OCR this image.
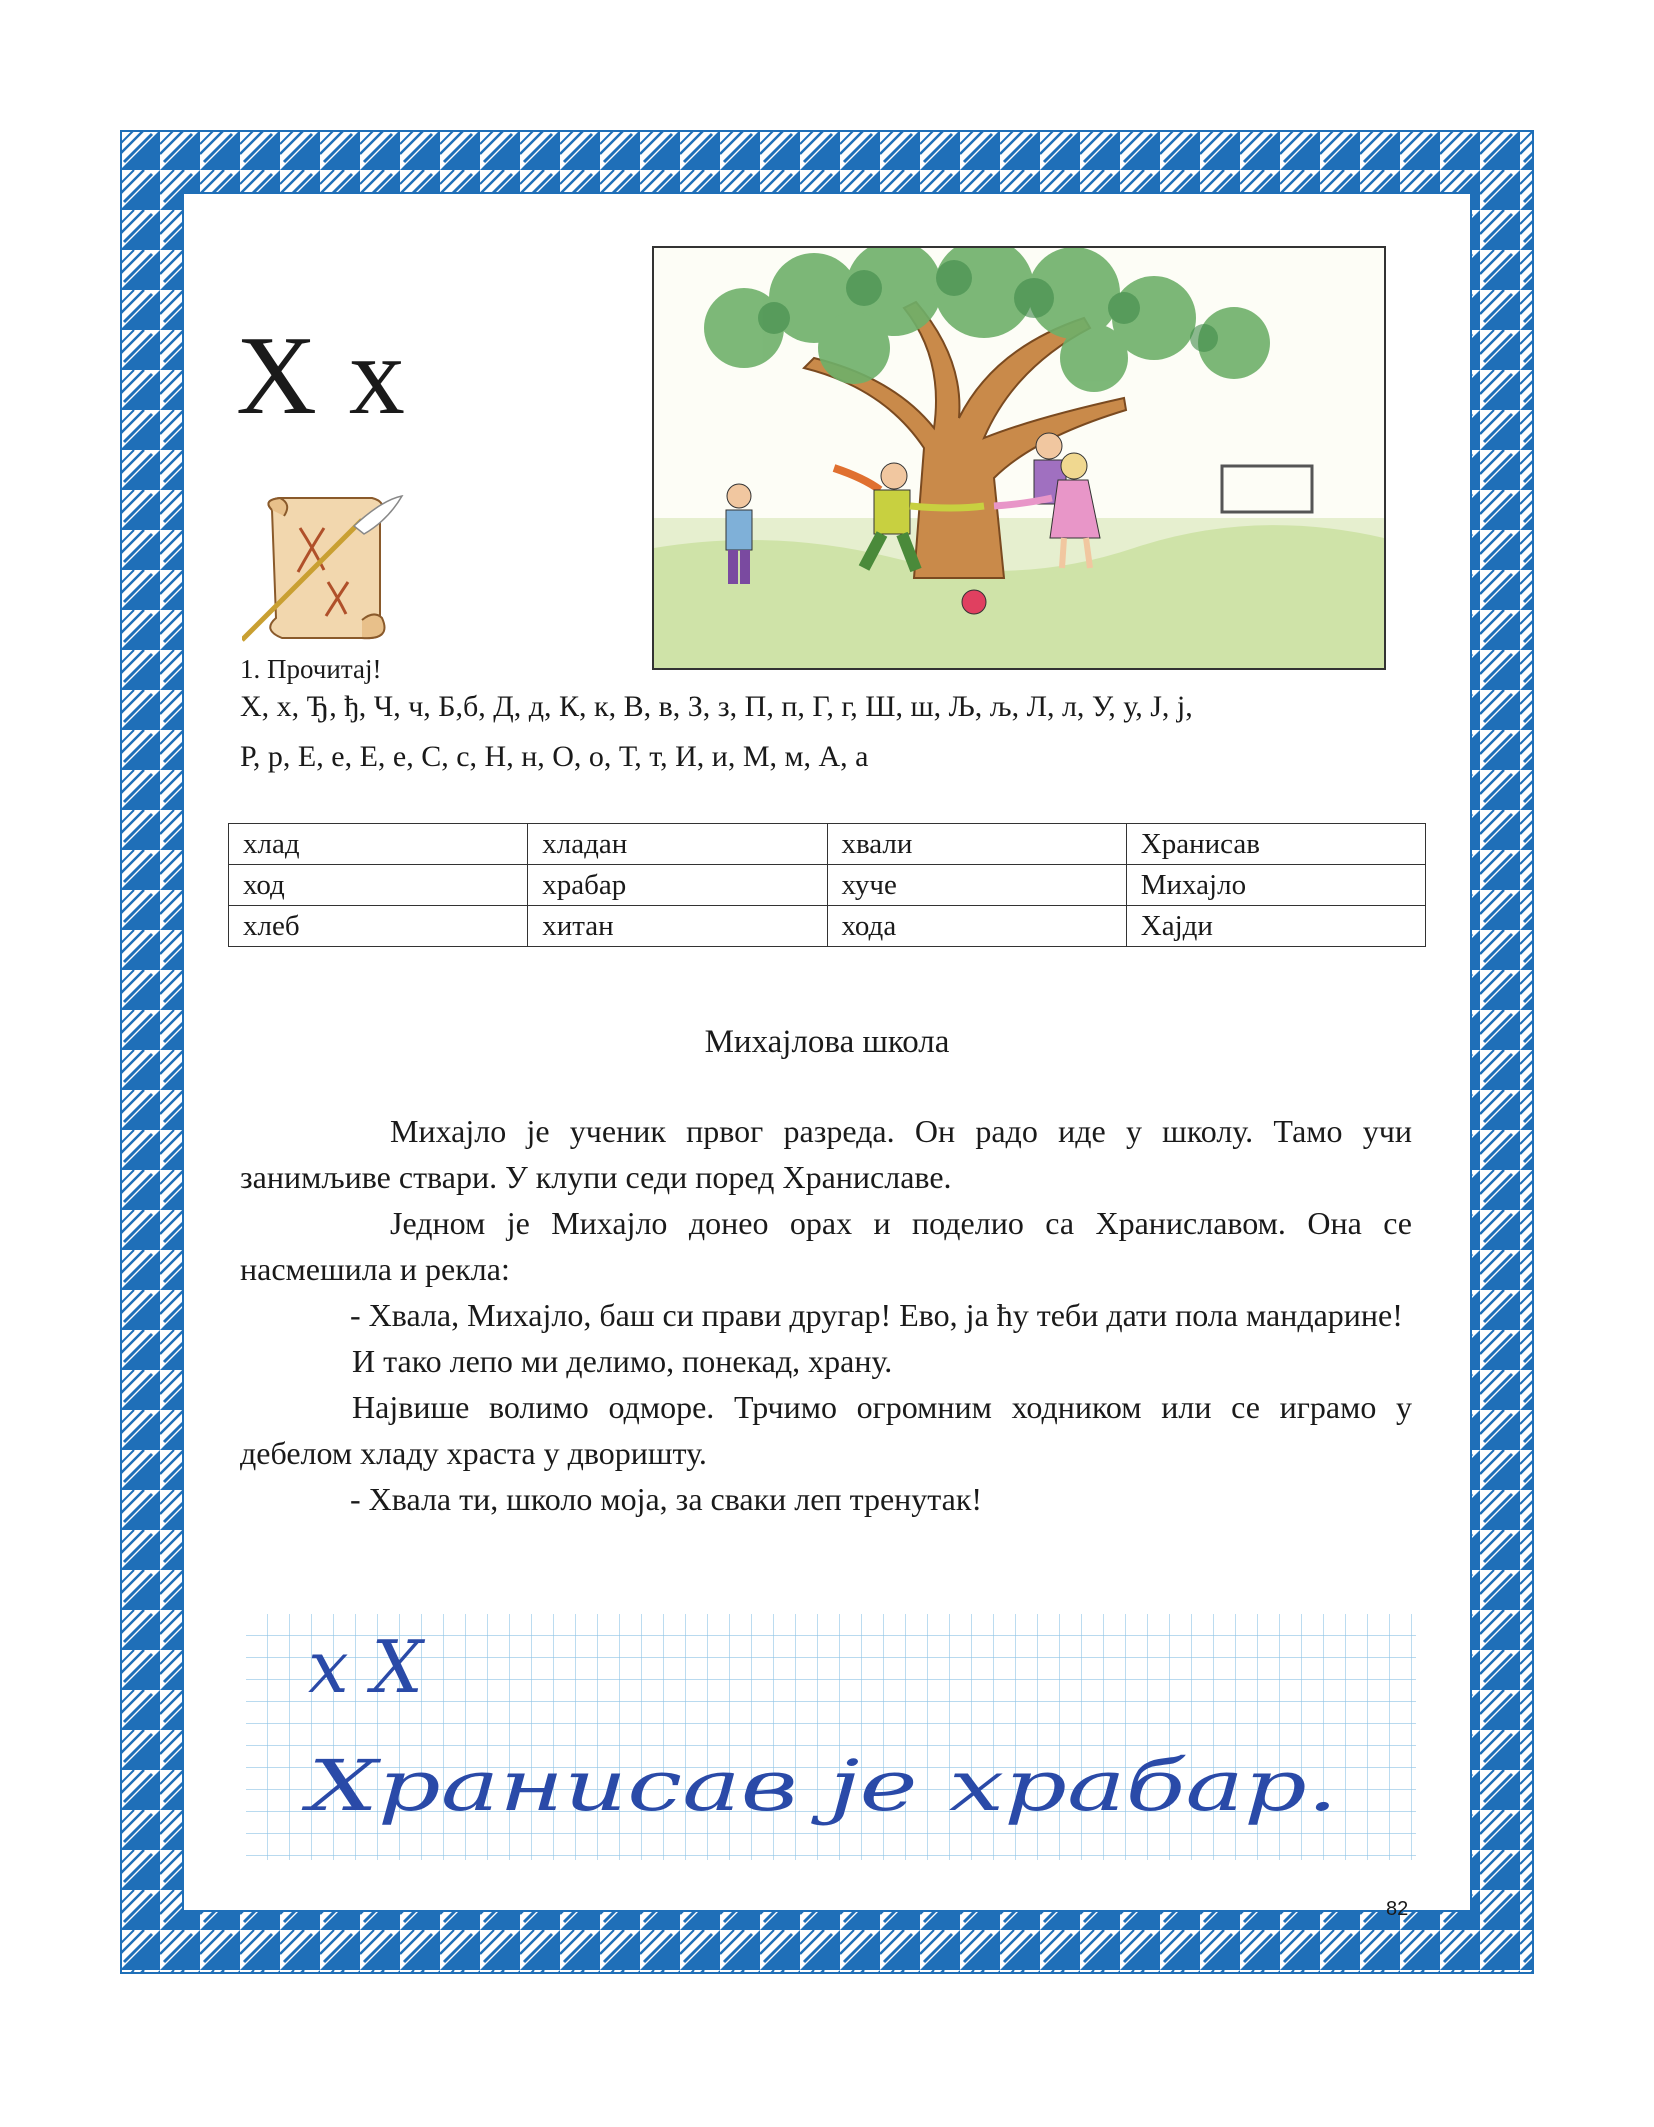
Х х
1. Прочитај!
Х, х, Ђ, ђ, Ч, ч, Б,б, Д, д, К, к, В, в, З, з, П, п, Г, г, Ш, ш, Љ, љ, Л, л, У, у, Ј, ј,
Р, р, Е, е, Е, е, С, с, Н, н, О, о, Т, т, И, и, М, м, А, а
хлад	хладан	хвали	Хранисав
ход	храбар	хуче	Михајло
хлеб	хитан	хода	Хајди
Михајлова школа

Михајло је ученик првог разреда. Он радо иде у школу. Тамо учи занимљиве ствари. У клупи седи поред Храниславе.

Једном је Михајло донео орах и поделио са Храниславом. Она се насмешила и рекла:

- Хвала, Михајло, баш си прави другар! Ево, ја ћу теби дати пола мандарине!

И тако лепо ми делимо, понекад, храну.

Највише волимо одморе. Трчимо огромним ходником или се играмо у дебелом хладу храста у дворишту.

- Хвала ти, школо моја, за сваки леп тренутак!

х Х
Хранисав је храбар.
82
